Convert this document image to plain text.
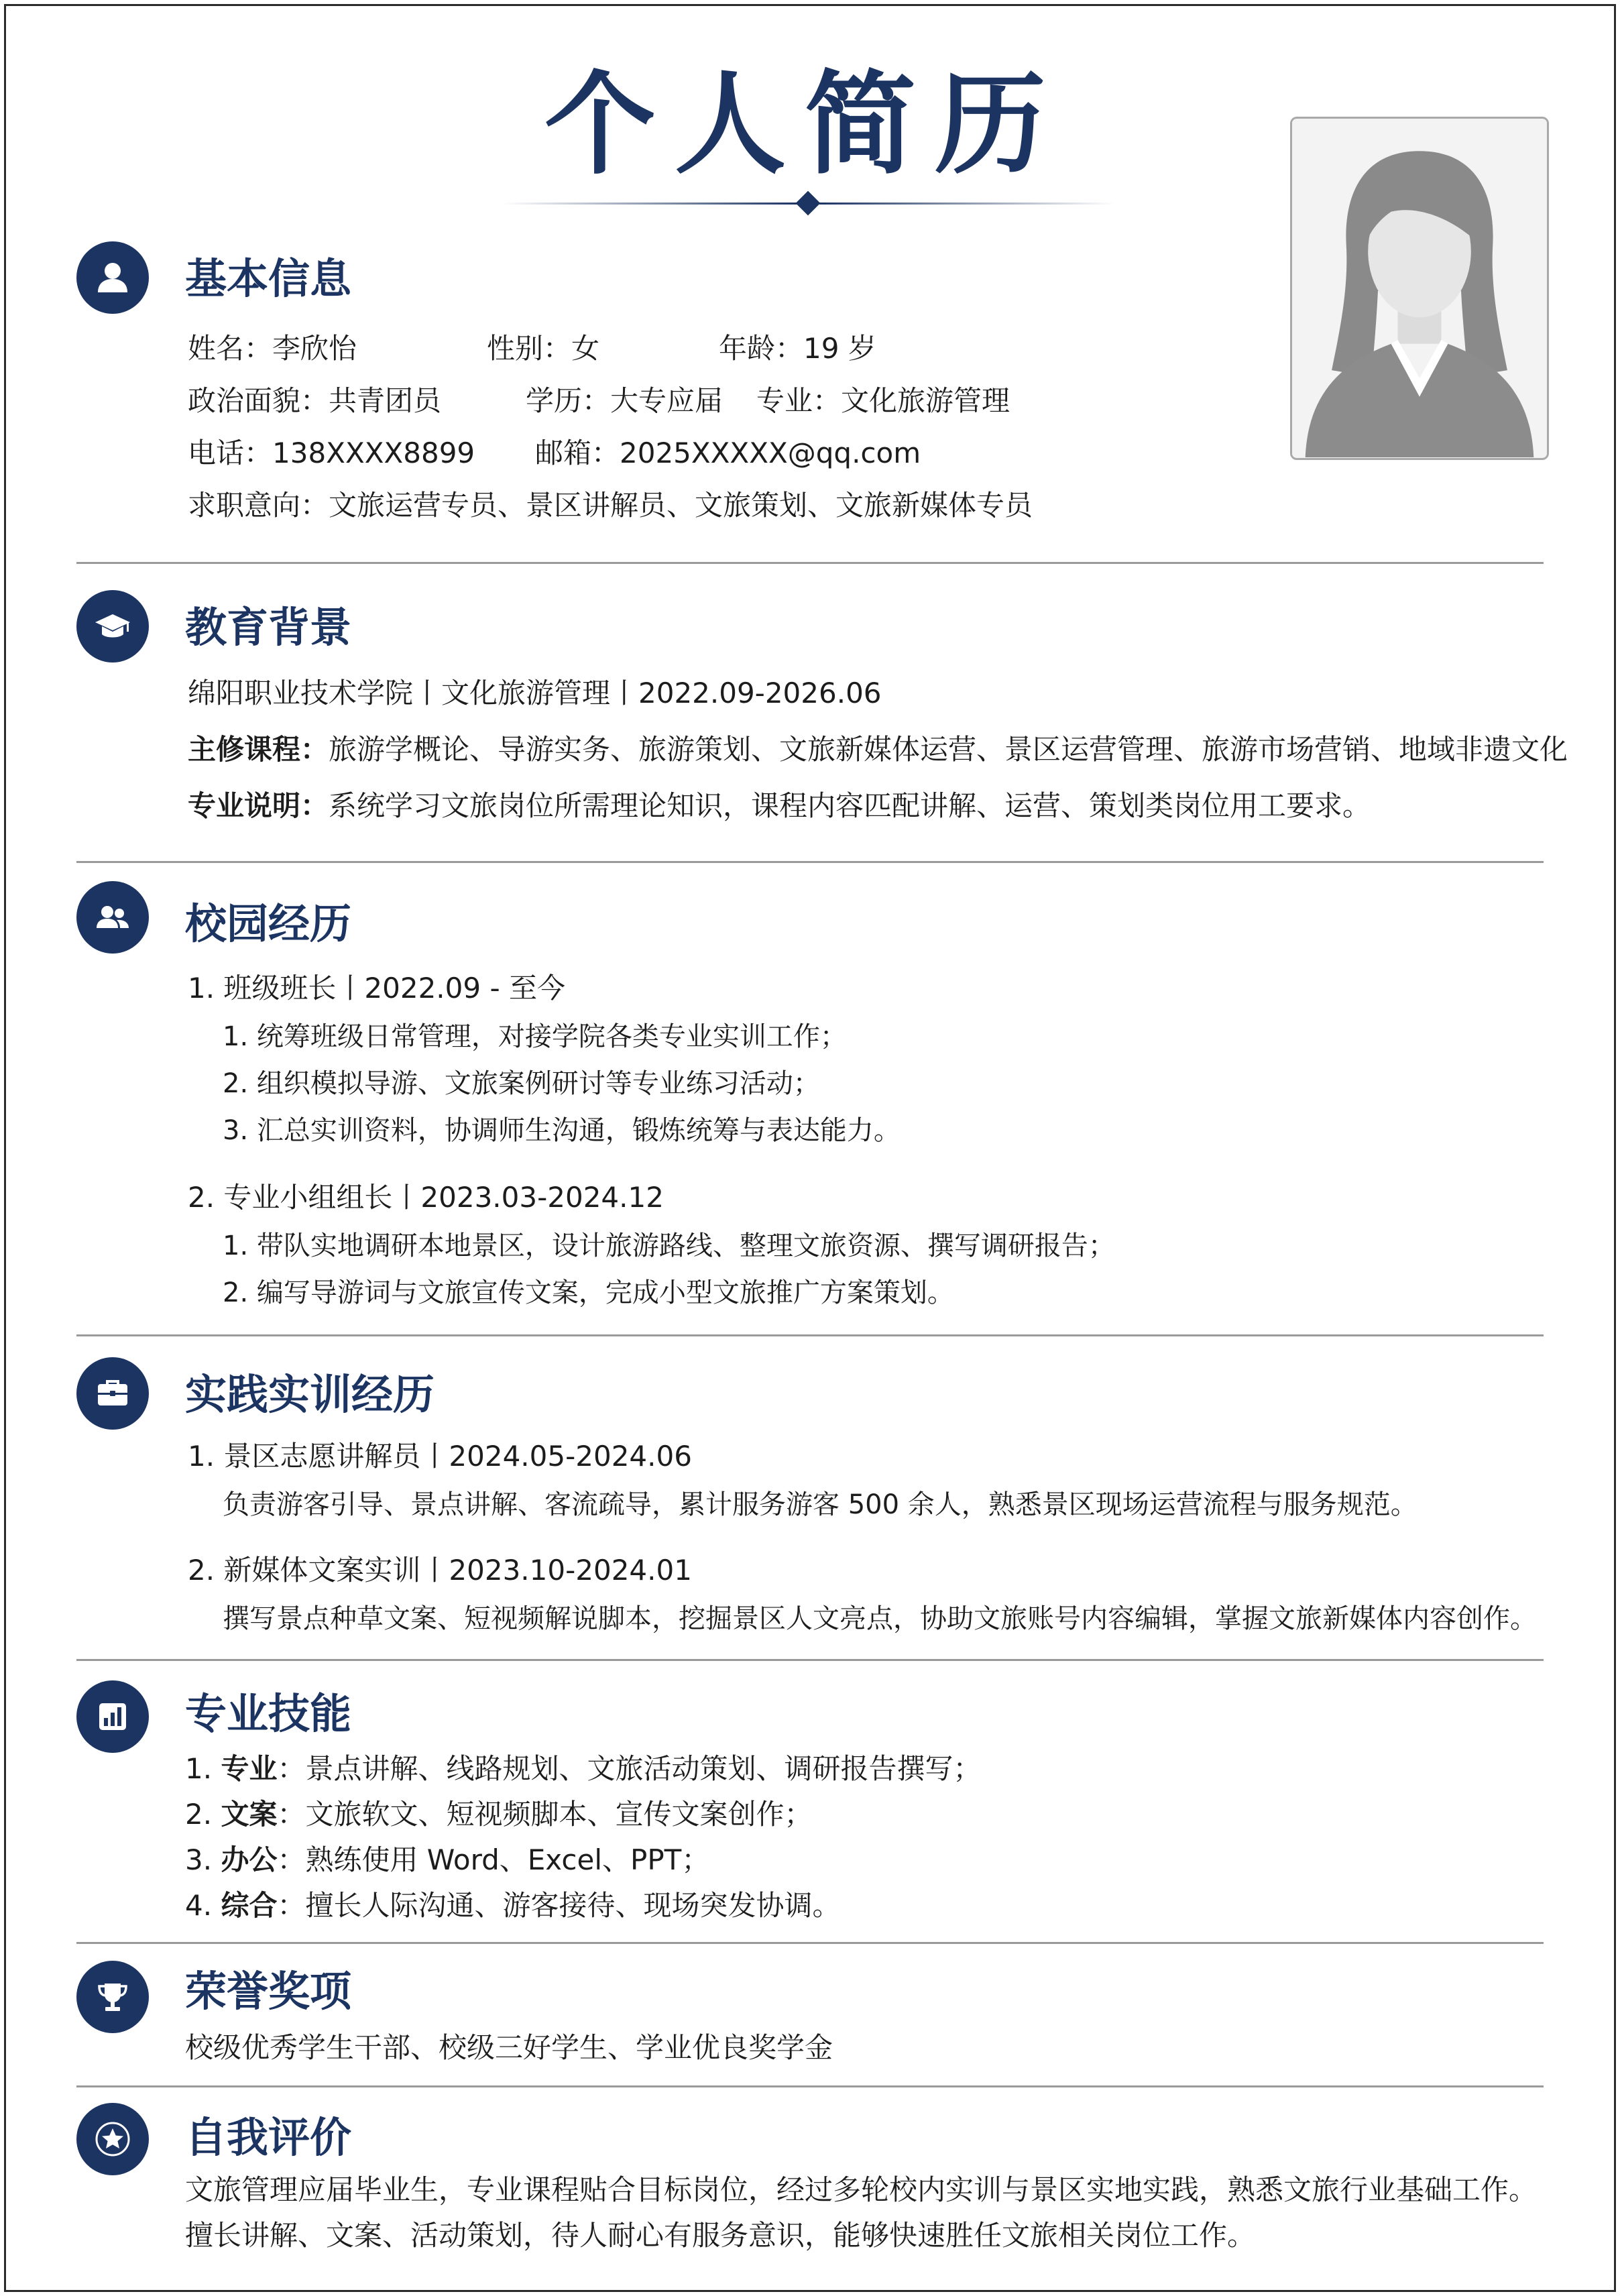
个人简历
基本信息
姓名：李欣怡	性别：女	年龄：19 岁
政治面貌：共青团员	学历：大专应届 专业：文化旅游管理
电话：138XXXX8899 邮箱：2025XXXXX@qq.com
求职意向：文旅运营专员、景区讲解员、文旅策划、文旅新媒体专员
教育背景
绵阳职业技术学院丨文化旅游管理丨2022.09-2026.06
主修课程：旅游学概论、导游实务、旅游策划、文旅新媒体运营、景区运营管理、旅游市场营销、地域非遗文化
专业说明：系统学习文旅岗位所需理论知识，课程内容匹配讲解、运营、策划类岗位用工要求。
校园经历
1. 班级班长丨2022.09 - 至今
1. 统筹班级日常管理，对接学院各类专业实训工作；
2. 组织模拟导游、文旅案例研讨等专业练习活动；
3. 汇总实训资料，协调师生沟通，锻炼统筹与表达能力。
2. 专业小组组长丨2023.03-2024.12
1. 带队实地调研本地景区，设计旅游路线、整理文旅资源、撰写调研报告；
2. 编写导游词与文旅宣传文案，完成小型文旅推广方案策划。
实践实训经历
1. 景区志愿讲解员丨2024.05-2024.06
负责游客引导、景点讲解、客流疏导，累计服务游客 500 余人，熟悉景区现场运营流程与服务规范。
2. 新媒体文案实训丨2023.10-2024.01
撰写景点种草文案、短视频解说脚本，挖掘景区人文亮点，协助文旅账号内容编辑，掌握文旅新媒体内容创作。
专业技能
1. 专业：景点讲解、线路规划、文旅活动策划、调研报告撰写；
2. 文案：文旅软文、短视频脚本、宣传文案创作；
3. 办公：熟练使用 Word、Excel、PPT；
4. 综合：擅长人际沟通、游客接待、现场突发协调。
荣誉奖项
校级优秀学生干部、校级三好学生、学业优良奖学金
自我评价
文旅管理应届毕业生，专业课程贴合目标岗位，经过多轮校内实训与景区实地实践，熟悉文旅行业基础工作。
擅长讲解、文案、活动策划，待人耐心有服务意识，能够快速胜任文旅相关岗位工作。
